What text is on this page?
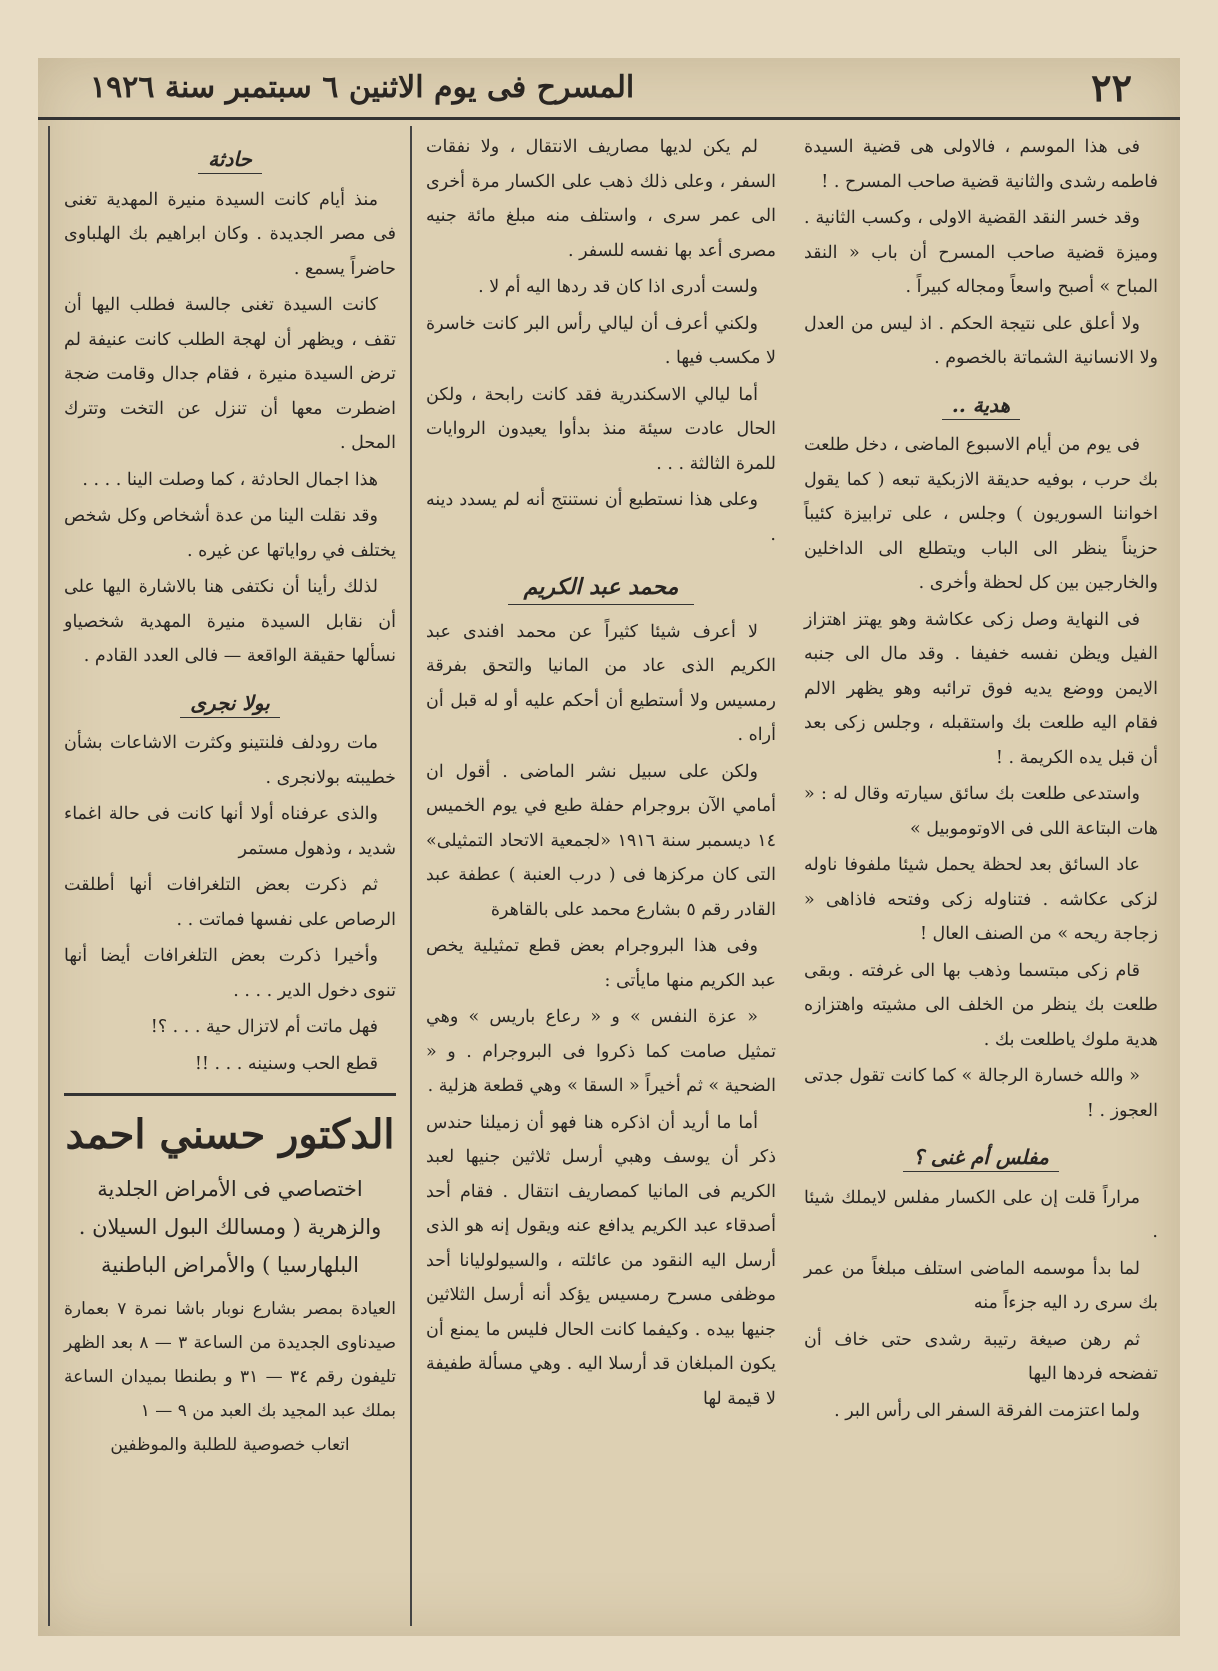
٢٢
المسرح فى يوم الاثنين ٦ سبتمبر سنة ١٩٢٦

فى هذا الموسم ، فالاولى هى قضية السيدة فاطمه رشدى والثانية قضية صاحب المسرح . !

وقد خسر النقد القضية الاولى ، وكسب الثانية . وميزة قضية صاحب المسرح أن باب « النقد المباح » أصبح واسعاً ومجاله كبيراً .

ولا أعلق على نتيجة الحكم . اذ ليس من العدل ولا الانسانية الشماتة بالخصوم .

هدية ..

فى يوم من أيام الاسبوع الماضى ، دخل طلعت بك حرب ، بوفيه حديقة الازبكية تبعه ( كما يقول اخواننا السوريون ) وجلس ، على ترابيزة كئيباً حزيناً ينظر الى الباب ويتطلع الى الداخلين والخارجين بين كل لحظة وأخرى .

فى النهاية وصل زكى عكاشة وهو يهتز اهتزاز الفيل ويظن نفسه خفيفا . وقد مال الى جنبه الايمن ووضع يديه فوق ترائبه وهو يظهر الالم فقام اليه طلعت بك واستقبله ، وجلس زكى بعد أن قبل يده الكريمة . !

واستدعى طلعت بك سائق سيارته وقال له : « هات البتاعة اللى فى الاوتوموبيل »

عاد السائق بعد لحظة يحمل شيئا ملفوفا ناوله لزكى عكاشه . فتناوله زكى وفتحه فاذاهى « زجاجة ريحه » من الصنف العال !

قام زكى مبتسما وذهب بها الى غرفته . وبقى طلعت بك ينظر من الخلف الى مشيته واهتزازه هدية ملوك ياطلعت بك .

« والله خسارة الرجالة » كما كانت تقول جدتى العجوز . !

مفلس أم غنى ؟

مراراً قلت إن على الكسار مفلس لايملك شيئا .

لما بدأ موسمه الماضى استلف مبلغاً من عمر بك سرى رد اليه جزءاً منه

ثم رهن صيغة رتيبة رشدى حتى خاف أن تفضحه فردها اليها

ولما اعتزمت الفرقة السفر الى رأس البر .

لم يكن لديها مصاريف الانتقال ، ولا نفقات السفر ، وعلى ذلك ذهب على الكسار مرة أخرى الى عمر سرى ، واستلف منه مبلغ مائة جنيه مصرى أعد بها نفسه للسفر .

ولست أدرى اذا كان قد ردها اليه أم لا .

ولكني أعرف أن ليالي رأس البر كانت خاسرة لا مكسب فيها .

أما ليالي الاسكندرية فقد كانت رابحة ، ولكن الحال عادت سيئة منذ بدأوا يعيدون الروايات للمرة الثالثة . . .

وعلى هذا نستطيع أن نستنتج أنه لم يسدد دينه .

محمد عبد الكريم

لا أعرف شيئا كثيراً عن محمد افندى عبد الكريم الذى عاد من المانيا والتحق بفرقة رمسيس ولا أستطيع أن أحكم عليه أو له قبل أن أراه .

ولكن على سبيل نشر الماضى . أقول ان أمامي الآن بروجرام حفلة طبع في يوم الخميس ١٤ ديسمبر سنة ١٩١٦ «لجمعية الاتحاد التمثيلى» التى كان مركزها فى ( درب العنبة ) عطفة عبد القادر رقم ٥ بشارع محمد على بالقاهرة

وفى هذا البروجرام بعض قطع تمثيلية يخص عبد الكريم منها مايأتى :

« عزة النفس » و « رعاع باريس » وهي تمثيل صامت كما ذكروا فى البروجرام . و « الضحية » ثم أخيراً « السقا » وهي قطعة هزلية .

أما ما أريد أن اذكره هنا فهو أن زميلنا حندس ذكر أن يوسف وهبي أرسل ثلاثين جنيها لعبد الكريم فى المانيا كمصاريف انتقال . فقام أحد أصدقاء عبد الكريم يدافع عنه ويقول إنه هو الذى أرسل اليه النقود من عائلته ، والسيولوليانا أحد موظفى مسرح رمسيس يؤكد أنه أرسل الثلاثين جنيها بيده . وكيفما كانت الحال فليس ما يمنع أن يكون المبلغان قد أرسلا اليه . وهي مسألة طفيفة لا قيمة لها

حادثة

منذ أيام كانت السيدة منيرة المهدية تغنى فى مصر الجديدة . وكان ابراهيم بك الهلباوى حاضراً يسمع .

كانت السيدة تغنى جالسة فطلب اليها أن تقف ، ويظهر أن لهجة الطلب كانت عنيفة لم ترض السيدة منيرة ، فقام جدال وقامت ضجة اضطرت معها أن تنزل عن التخت وتترك المحل .

هذا اجمال الحادثة ، كما وصلت الينا . . . .

وقد نقلت الينا من عدة أشخاص وكل شخص يختلف في رواياتها عن غيره .

لذلك رأينا أن نكتفى هنا بالاشارة اليها على أن نقابل السيدة منيرة المهدية شخصياو نسألها حقيقة الواقعة — فالى العدد القادم .

بولا نجرى

مات رودلف فلنتينو وكثرت الاشاعات بشأن خطيبته بولانجرى .

والذى عرفناه أولا أنها كانت فى حالة اغماء شديد ، وذهول مستمر

ثم ذكرت بعض التلغرافات أنها أطلقت الرصاص على نفسها فماتت . .

وأخيرا ذكرت بعض التلغرافات أيضا أنها تنوى دخول الدير . . . .

فهل ماتت أم لاتزال حية . . . ؟!

قطع الحب وسنينه . . . !!

الدكتور حسني احمد
اختصاصي فى الأمراض الجلدية والزهرية ( ومسالك البول السيلان . البلهارسيا ) والأمراض الباطنية
العيادة بمصر بشارع نوبار باشا نمرة ٧ بعمارة صيدناوى الجديدة من الساعة ٣ — ٨ بعد الظهر تليفون رقم ٣٤ — ٣١ و بطنطا بميدان الساعة بملك عبد المجيد بك العبد من ٩ — ١
اتعاب خصوصية للطلبة والموظفين
